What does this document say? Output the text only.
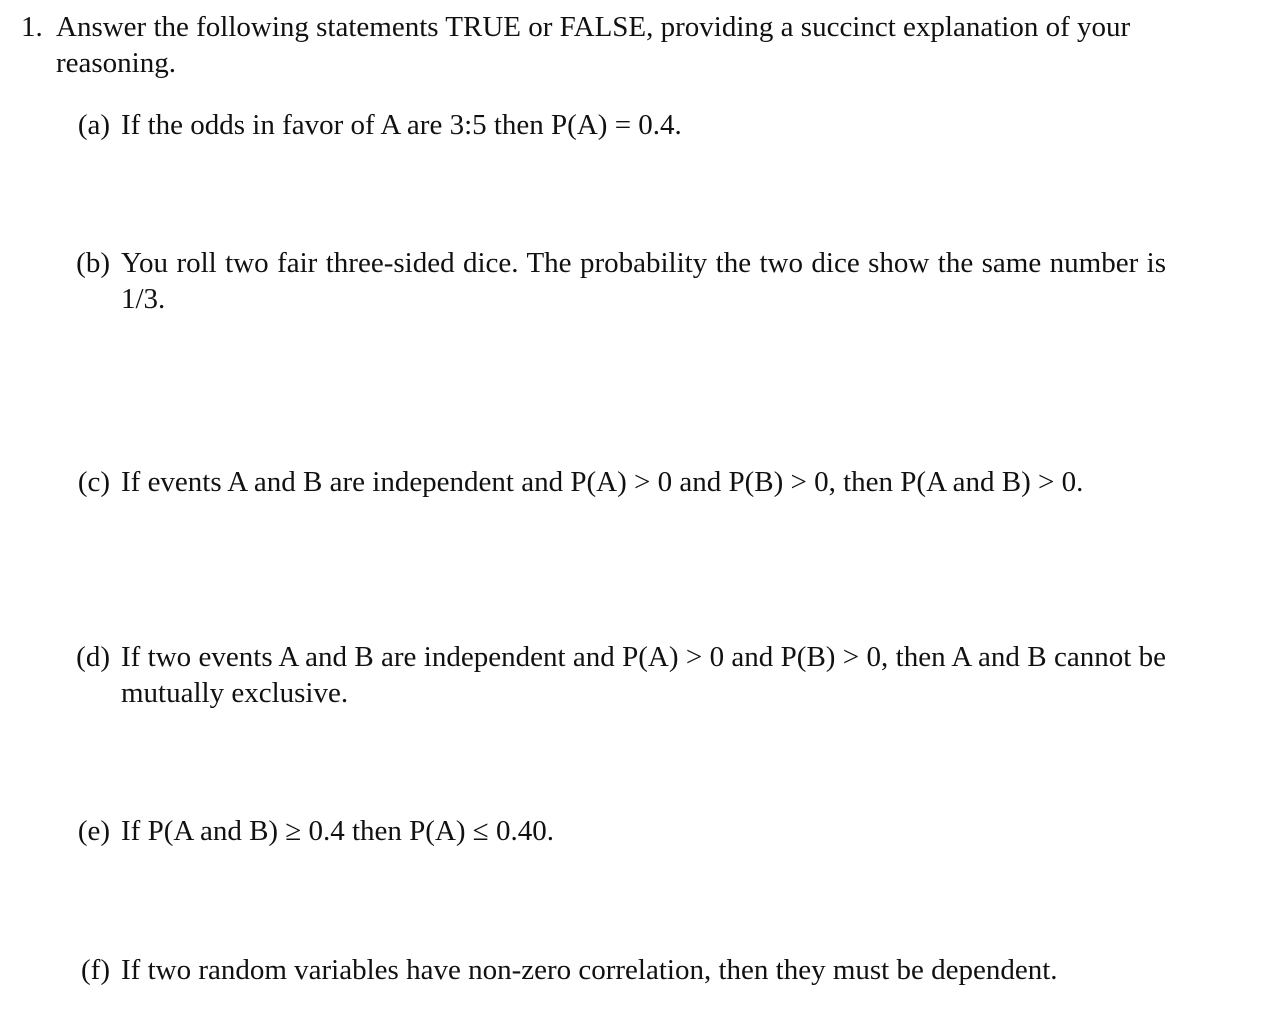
1. Answer the following statements TRUE or FALSE, providing a succinct explanation of your reasoning.
(a) If the odds in favor of A are 3:5 then P(A) = 0.4.
(b) You roll two fair three-sided dice. The probability the two dice show the same number is 1/3.
(c) If events A and B are independent and P(A) > 0 and P(B) > 0, then P(A and B) > 0.
(d) If two events A and B are independent and P(A) > 0 and P(B) > 0, then A and B cannot be mutually exclusive.
(e) If P(A and B) ≥ 0.4 then P(A) ≤ 0.40.
(f) If two random variables have non-zero correlation, then they must be dependent.
